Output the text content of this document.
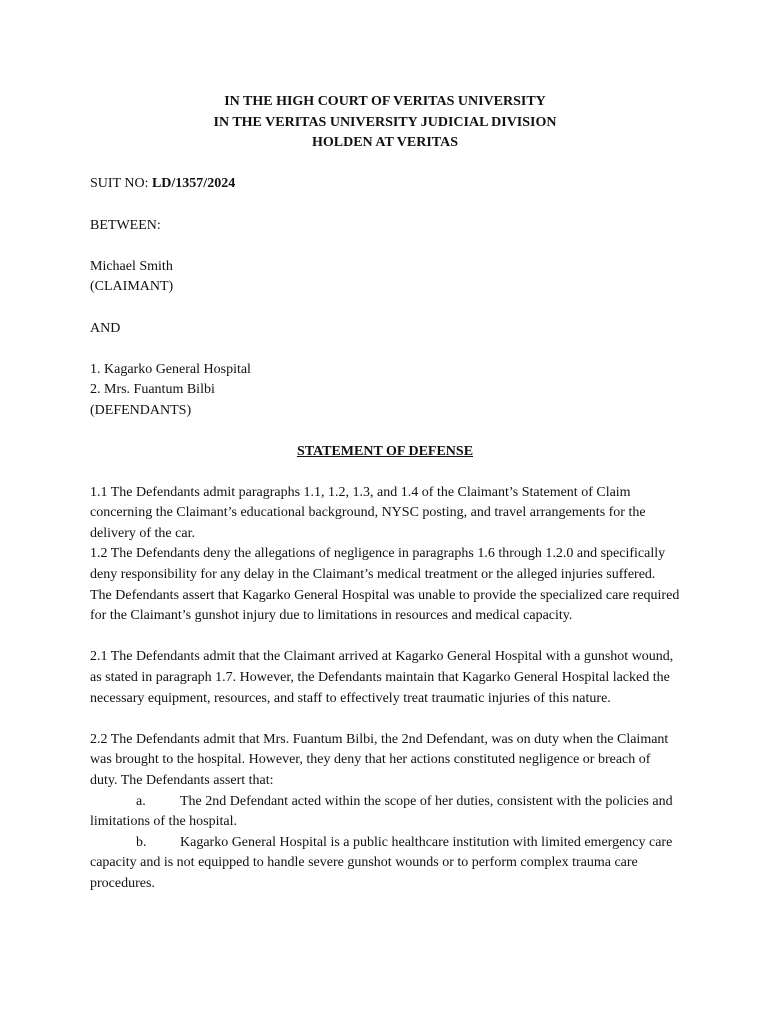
IN THE HIGH COURT OF VERITAS UNIVERSITY
IN THE VERITAS UNIVERSITY JUDICIAL DIVISION
HOLDEN AT VERITAS
SUIT NO: LD/1357/2024
BETWEEN:
Michael Smith
(CLAIMANT)
AND
1. Kagarko General Hospital
2. Mrs. Fuantum Bilbi
(DEFENDANTS)
STATEMENT OF DEFENSE

1.1 The Defendants admit paragraphs 1.1, 1.2, 1.3, and 1.4 of the Claimant’s Statement of Claim concerning the Claimant’s educational background, NYSC posting, and travel arrangements for the delivery of the car.

1.2 The Defendants deny the allegations of negligence in paragraphs 1.6 through 1.2.0 and specifically deny responsibility for any delay in the Claimant’s medical treatment or the alleged injuries suffered. The Defendants assert that Kagarko General Hospital was unable to provide the specialized care required for the Claimant’s gunshot injury due to limitations in resources and medical capacity.

2.1 The Defendants admit that the Claimant arrived at Kagarko General Hospital with a gunshot wound, as stated in paragraph 1.7. However, the Defendants maintain that Kagarko General Hospital lacked the necessary equipment, resources, and staff to effectively treat traumatic injuries of this nature.

2.2 The Defendants admit that Mrs. Fuantum Bilbi, the 2nd Defendant, was on duty when the Claimant was brought to the hospital. However, they deny that her actions constituted negligence or breach of duty. The Defendants assert that:

a. The 2nd Defendant acted within the scope of her duties, consistent with the policies and limitations of the hospital.

b. Kagarko General Hospital is a public healthcare institution with limited emergency care capacity and is not equipped to handle severe gunshot wounds or to perform complex trauma care procedures.
